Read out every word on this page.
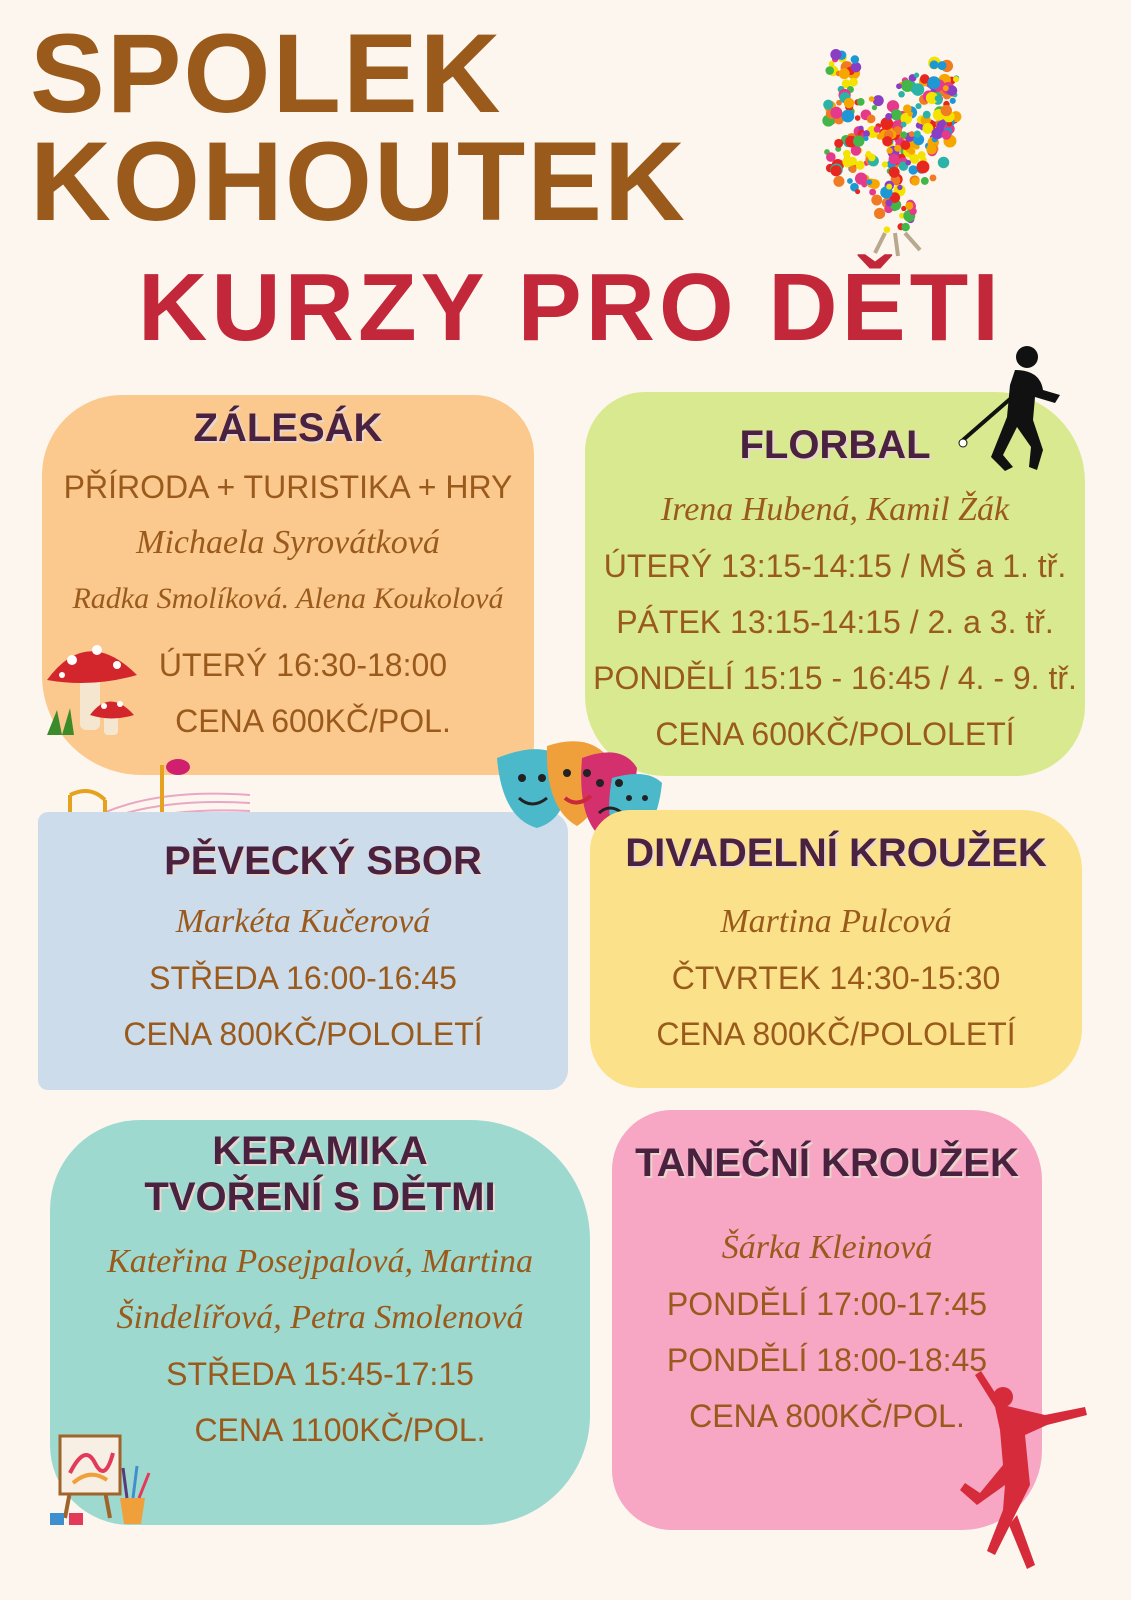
SPOLEK
KOHOUTEK
KURZY PRO DĚTI
ZÁLESÁK
PŘÍRODA + TURISTIKA + HRY
Michaela Syrovátková
Radka Smolíková. Alena Koukolová
ÚTERÝ 16:30-18:00
CENA 600KČ/POL.
FLORBAL
Irena Hubená, Kamil Žák
ÚTERÝ 13:15-14:15 / MŠ a 1. tř.
PÁTEK 13:15-14:15 / 2. a 3. tř.
PONDĚLÍ 15:15 - 16:45 / 4. - 9. tř.
CENA 600KČ/POLOLETÍ
PĚVECKÝ SBOR
Markéta Kučerová
STŘEDA 16:00-16:45
CENA 800KČ/POLOLETÍ
DIVADELNÍ KROUŽEK
Martina Pulcová
ČTVRTEK 14:30-15:30
CENA 800KČ/POLOLETÍ
KERAMIKA
TVOŘENÍ S DĚTMI
Kateřina Posejpalová, Martina
Šindelířová, Petra Smolenová
STŘEDA 15:45-17:15
CENA 1100KČ/POL.
TANEČNÍ KROUŽEK
Šárka Kleinová
PONDĚLÍ 17:00-17:45
PONDĚLÍ 18:00-18:45
CENA 800KČ/POL.
